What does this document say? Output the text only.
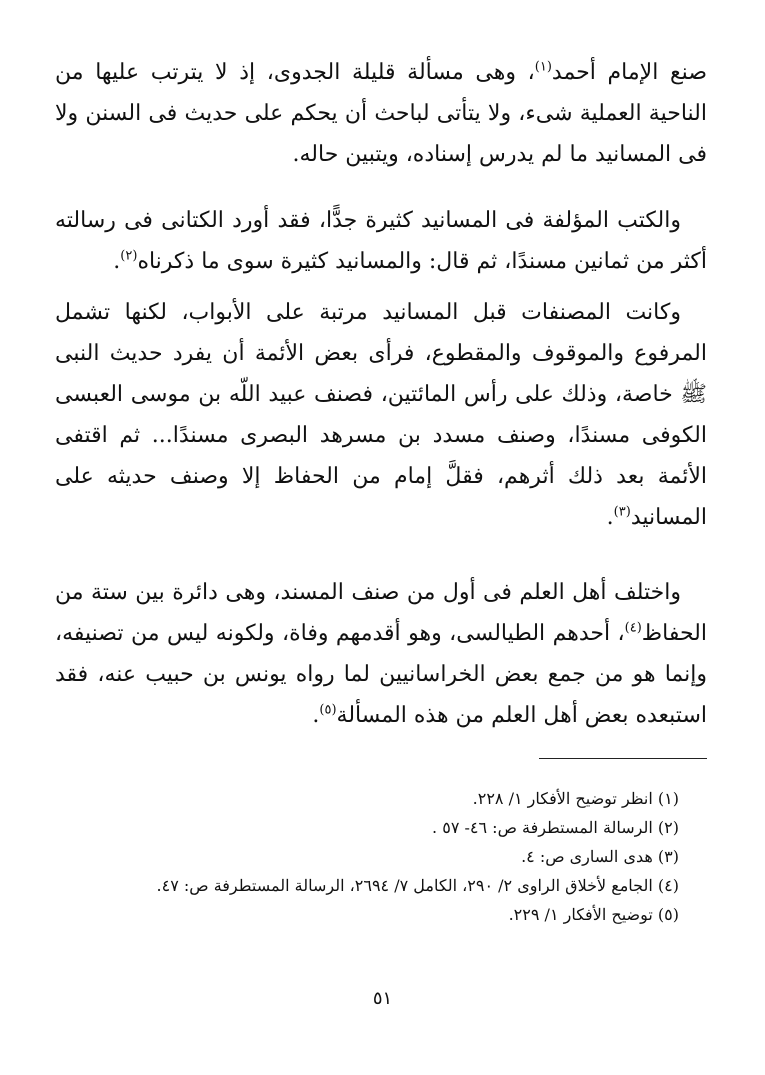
صنع الإمام أحمد$^{(١)}$، وهى مسألة قليلة الجدوى، إذ لا يترتب عليها من الناحية العملية شىء، ولا يتأتى لباحث أن يحكم على حديث فى السنن ولا فى المسانيد ما لم يدرس إسناده، ويتبين حاله.

والكتب المؤلفة فى المسانيد كثيرة جدًّا، فقد أورد الكتانى فى رسالته أكثر من ثمانين مسندًا، ثم قال: والمسانيد كثيرة سوى ما ذكرناه$^{(٢)}$.

وكانت المصنفات قبل المسانيد مرتبة على الأبواب، لكنها تشمل المرفوع والموقوف والمقطوع، فرأى بعض الأئمة أن يفرد حديث النبى ﷺ خاصة، وذلك على رأس المائتين، فصنف عبيد اللّه بن موسى العبسى الكوفى مسندًا، وصنف مسدد بن مسرهد البصرى مسندًا... ثم اقتفى الأئمة بعد ذلك أثرهم، فقلَّ إمام من الحفاظ إلا وصنف حديثه على المسانيد$^{(٣)}$.

واختلف أهل العلم فى أول من صنف المسند، وهى دائرة بين ستة من الحفاظ$^{(٤)}$، أحدهم الطيالسى، وهو أقدمهم وفاة، ولكونه ليس من تصنيفه، وإنما هو من جمع بعض الخراسانيين لما رواه يونس بن حبيب عنه، فقد استبعده بعض أهل العلم من هذه المسألة$^{(٥)}$.

(١) انظر توضيح الأفكار ١/ ٢٢٨.

(٢) الرسالة المستطرفة ص: ٤٦- ٥٧ .

(٣) هدى السارى ص: ٤.

(٤) الجامع لأخلاق الراوى ٢/ ٢٩٠، الكامل ٧/ ٢٦٩٤، الرسالة المستطرفة ص: ٤٧.

(٥) توضيح الأفكار ١/ ٢٢٩.

٥١
